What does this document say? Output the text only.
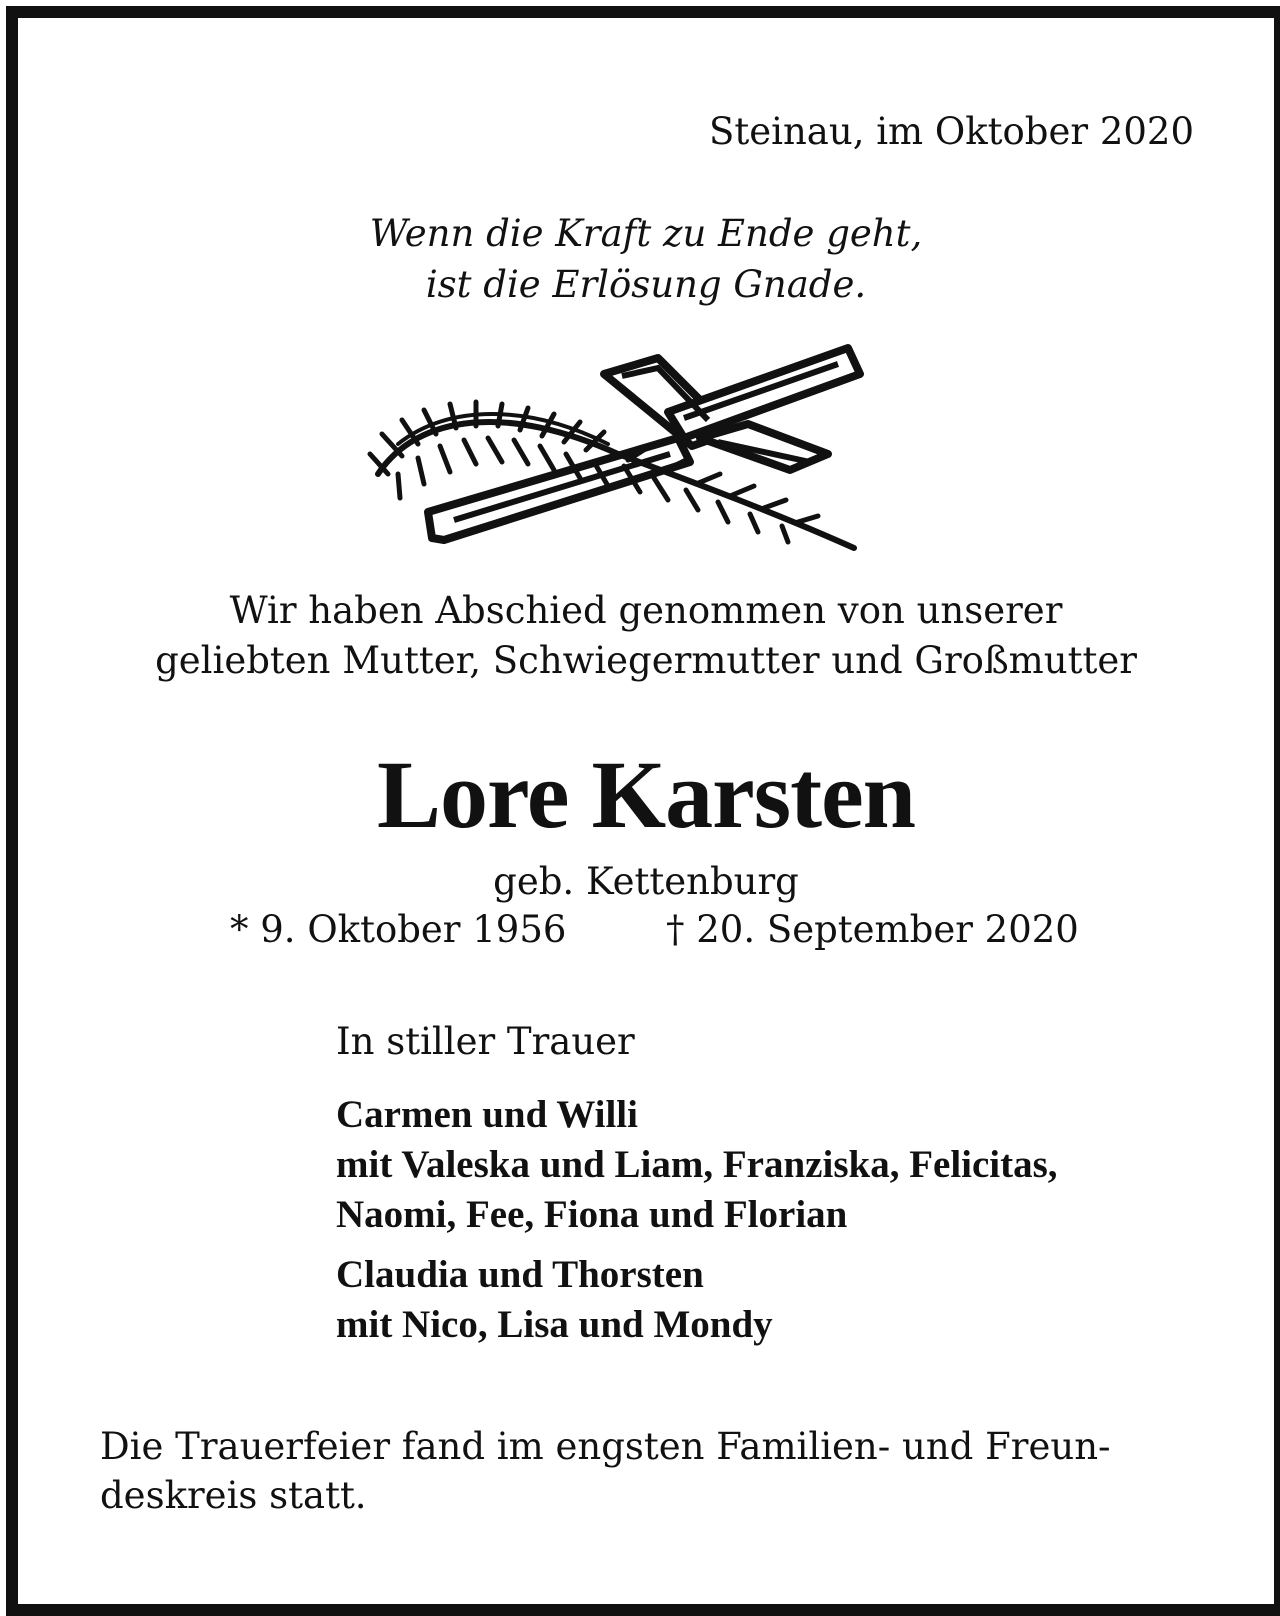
Steinau, im Oktober 2020
Wenn die Kraft zu Ende geht,
ist die Erlösung Gnade.
Wir haben Abschied genommen von unserer
geliebten Mutter, Schwiegermutter und Großmutter
Lore Karsten
geb. Kettenburg
* 9. Oktober 1956	† 20. September 2020
In stiller Trauer
Carmen und Willi
mit Valeska und Liam, Franziska, Felicitas,
Naomi, Fee, Fiona und Florian
Claudia und Thorsten
mit Nico, Lisa und Mondy
Die Trauerfeier fand im engsten Familien- und Freun-
deskreis statt.
